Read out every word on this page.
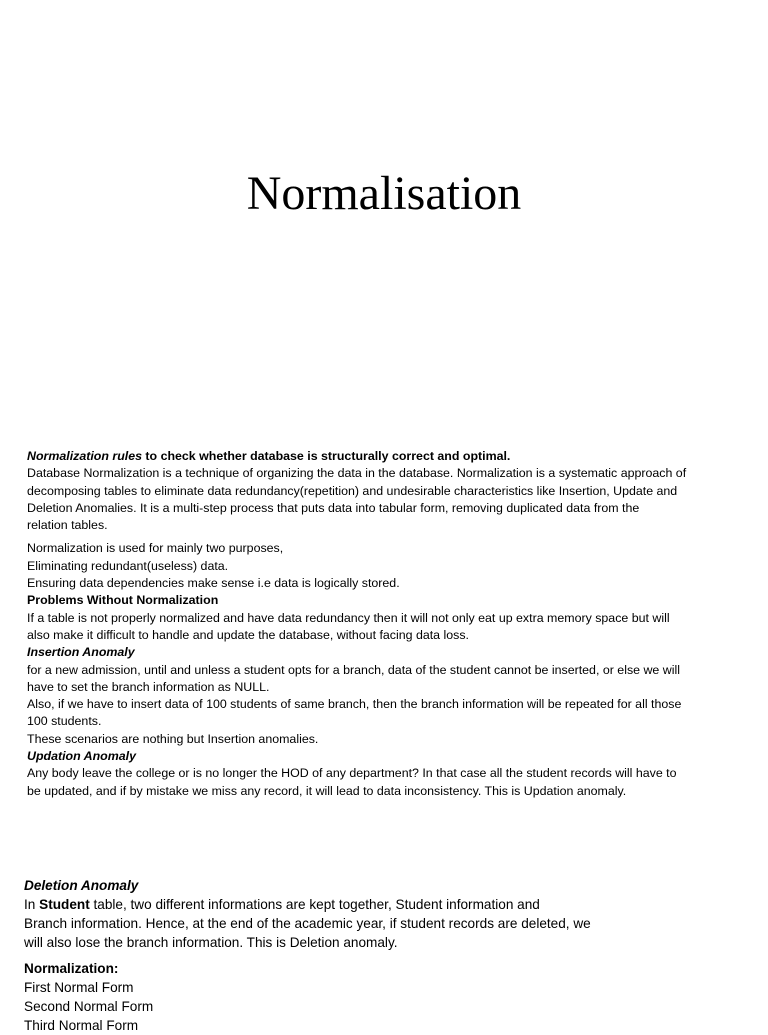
Normalisation

Normalization rules to check whether database is structurally correct and optimal.

Database Normalization is a technique of organizing the data in the database. Normalization is a systematic approach of

decomposing tables to eliminate data redundancy(repetition) and undesirable characteristics like Insertion, Update and

Deletion Anomalies. It is a multi-step process that puts data into tabular form, removing duplicated data from the

relation tables.

Normalization is used for mainly two purposes,

Eliminating redundant(useless) data.

Ensuring data dependencies make sense i.e data is logically stored.

Problems Without Normalization

If a table is not properly normalized and have data redundancy then it will not only eat up extra memory space but will

also make it difficult to handle and update the database, without facing data loss.

Insertion Anomaly

for a new admission, until and unless a student opts for a branch, data of the student cannot be inserted, or else we will

have to set the branch information as NULL.

Also, if we have to insert data of 100 students of same branch, then the branch information will be repeated for all those

100 students.

These scenarios are nothing but Insertion anomalies.

Updation Anomaly

Any body leave the college or is no longer the HOD of any department? In that case all the student records will have to

be updated, and if by mistake we miss any record, it will lead to data inconsistency. This is Updation anomaly.

Deletion Anomaly

In Student table, two different informations are kept together, Student information and

Branch information. Hence, at the end of the academic year, if student records are deleted, we

will also lose the branch information. This is Deletion anomaly.

Normalization:

First Normal Form

Second Normal Form

Third Normal Form
